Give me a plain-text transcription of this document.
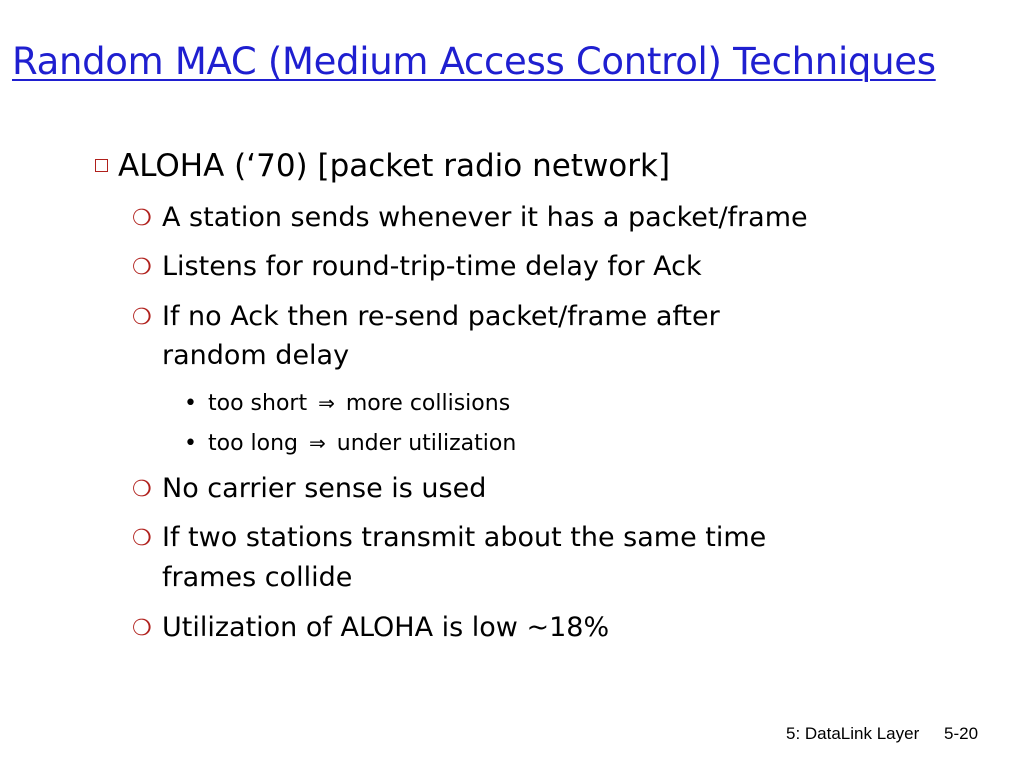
Random MAC (Medium Access Control) Techniques
ALOHA (‘70) [packet radio network]
❍ A station sends whenever it has a packet/frame
❍ Listens for round-trip-time delay for Ack
❍ If no Ack then re-send packet/frame after
random delay
• too short ⇒ more collisions
• too long ⇒ under utilization
❍ No carrier sense is used
❍ If two stations transmit about the same time
frames collide
❍ Utilization of ALOHA is low ~18%
5: DataLink Layer 5-20
